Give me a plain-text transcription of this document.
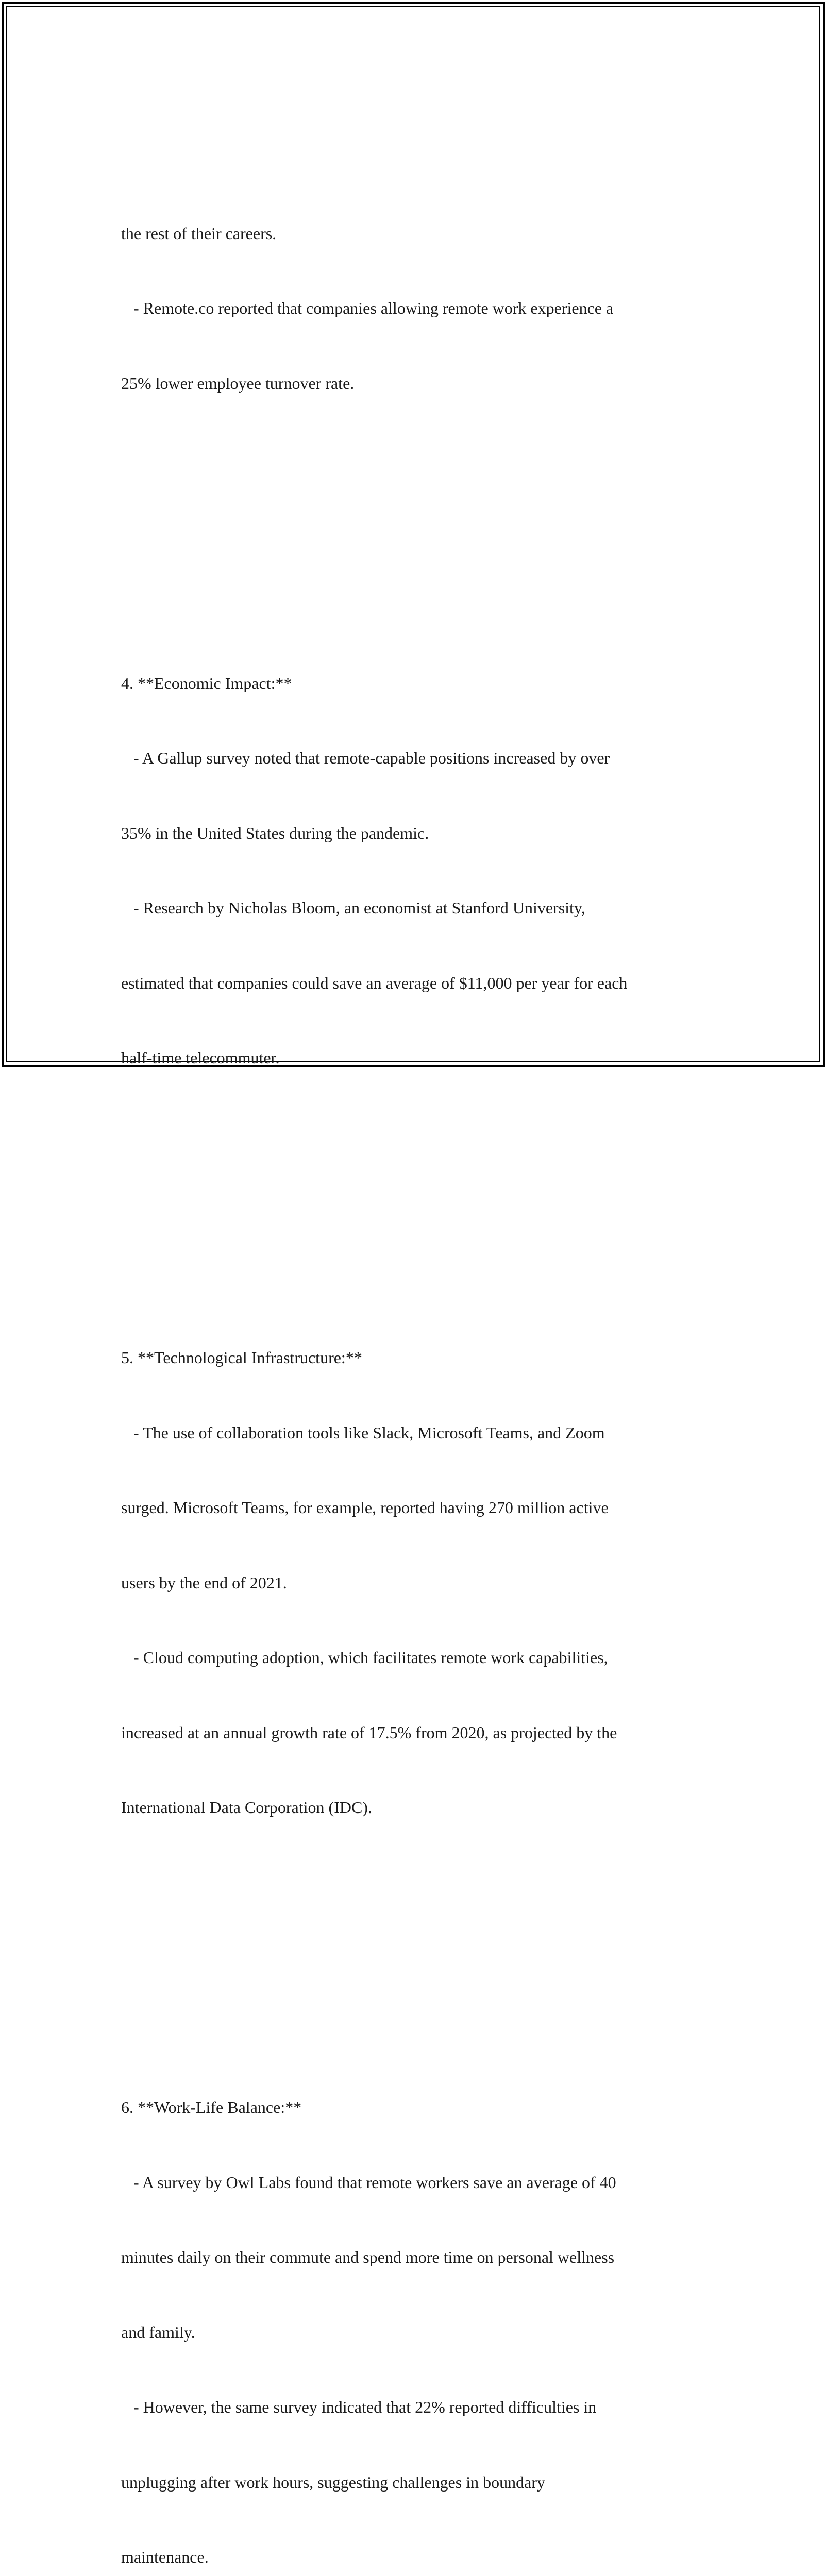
the rest of their careers.

- Remote.co reported that companies allowing remote work experience a

25% lower employee turnover rate.

4. **Economic Impact:**

- A Gallup survey noted that remote-capable positions increased by over

35% in the United States during the pandemic.

- Research by Nicholas Bloom, an economist at Stanford University,

estimated that companies could save an average of $11,000 per year for each

half-time telecommuter.

5. **Technological Infrastructure:**

- The use of collaboration tools like Slack, Microsoft Teams, and Zoom

surged. Microsoft Teams, for example, reported having 270 million active

users by the end of 2021.

- Cloud computing adoption, which facilitates remote work capabilities,

increased at an annual growth rate of 17.5% from 2020, as projected by the

International Data Corporation (IDC).

6. **Work-Life Balance:**

- A survey by Owl Labs found that remote workers save an average of 40

minutes daily on their commute and spend more time on personal wellness

and family.

- However, the same survey indicated that 22% reported difficulties in

unplugging after work hours, suggesting challenges in boundary

maintenance.
